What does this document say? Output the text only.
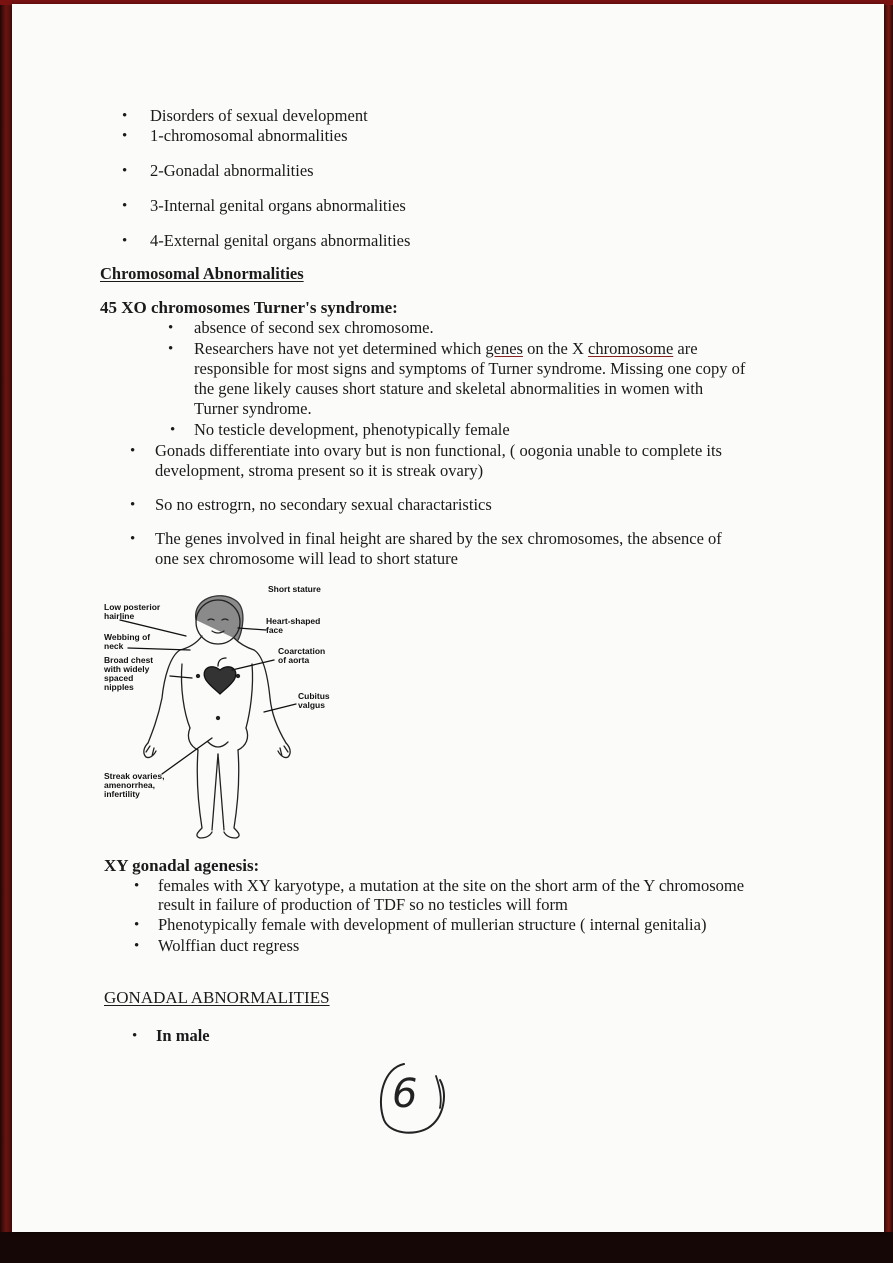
• Disorders of sexual development
• 1-chromosomal abnormalities
• 2-Gonadal abnormalities
• 3-Internal genital organs abnormalities
• 4-External genital organs abnormalities
Chromosomal Abnormalities
45 XO chromosomes Turner's syndrome:
• absence of second sex chromosome.
• Researchers have not yet determined which genes on the X chromosome are
responsible for most signs and symptoms of Turner syndrome. Missing one copy of
the gene likely causes short stature and skeletal abnormalities in women with
Turner syndrome.
• No testicle development, phenotypically female
• Gonads differentiate into ovary but is non functional, ( oogonia unable to complete its
development, stroma present so it is streak ovary)
• So no estrogrn, no secondary sexual charactaristics
• The genes involved in final height are shared by the sex chromosomes, the absence of
one sex chromosome will lead to short stature
Short stature
Low posterior
hairline
Webbing of
neck
Broad chest
with widely
spaced
nipples
Heart-shaped
face
Coarctation
of aorta
Cubitus
valgus
Streak ovaries,
amenorrhea,
infertility
XY gonadal agenesis:
• females with XY karyotype, a mutation at the site on the short arm of the Y chromosome
result in failure of production of TDF so no testicles will form
• Phenotypically female with development of mullerian structure ( internal genitalia)
• Wolffian duct regress
GONADAL ABNORMALITIES
• In male
6
